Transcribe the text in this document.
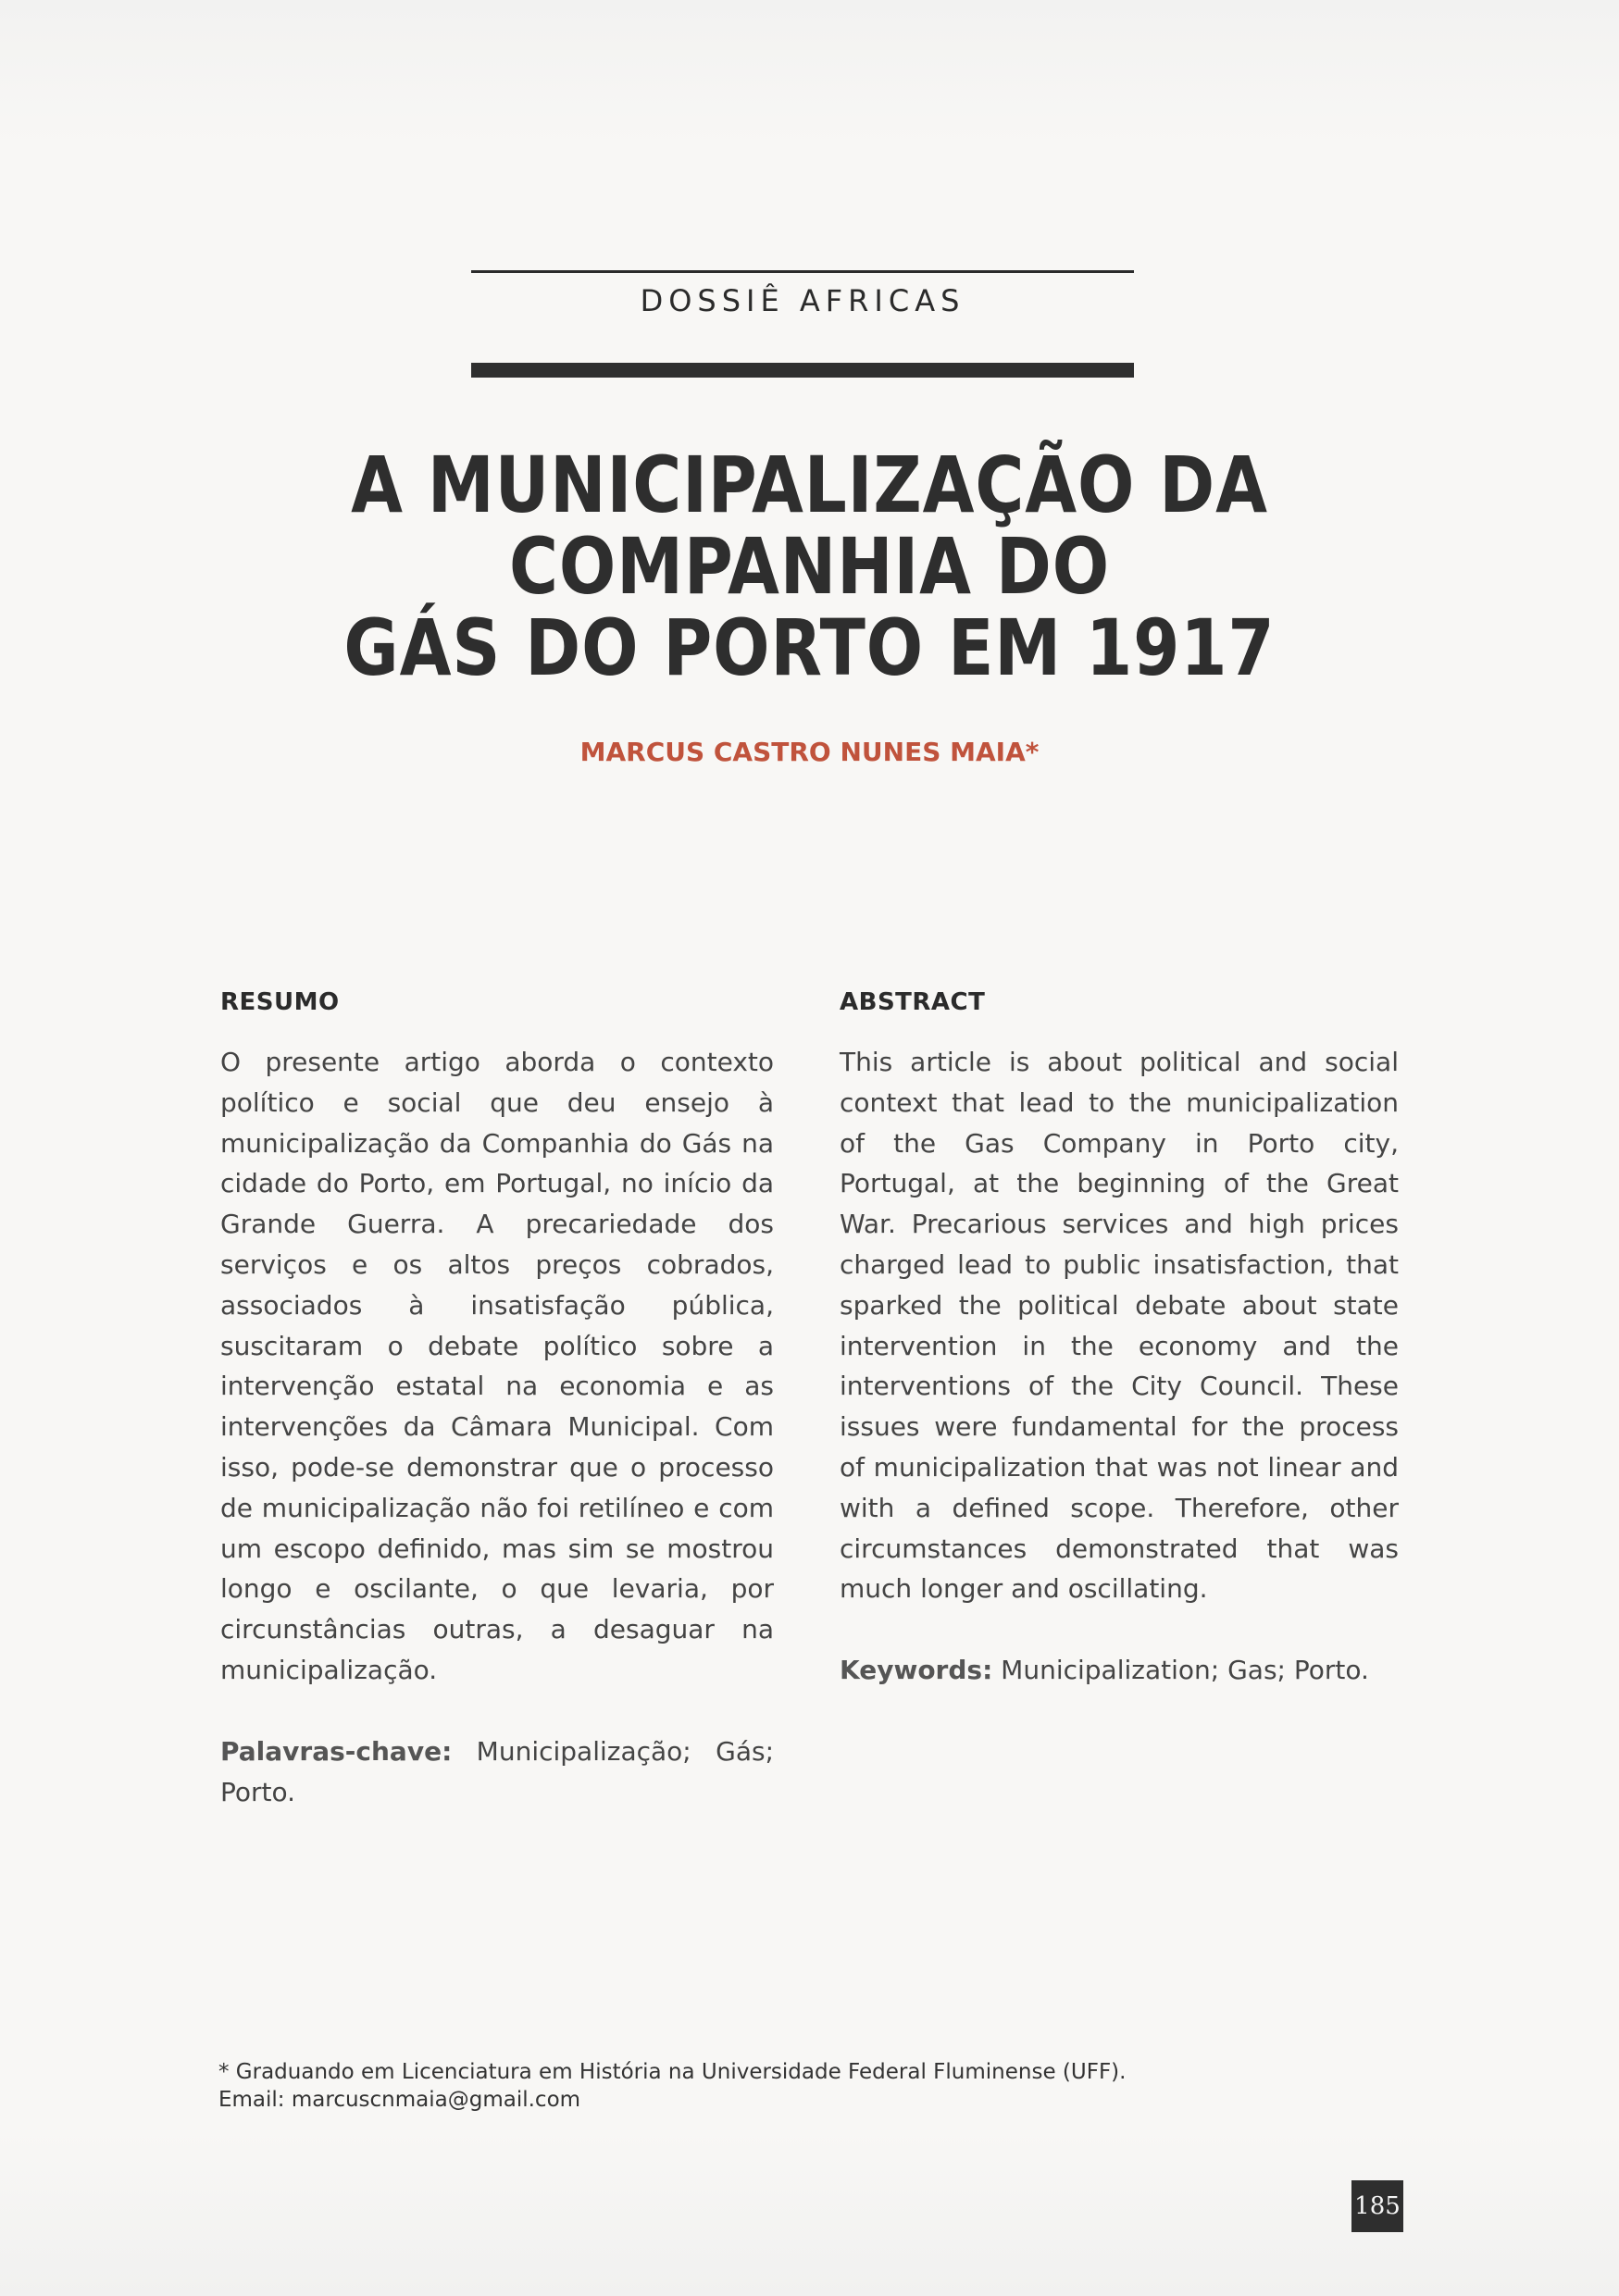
DOSSIÊ AFRICAS
A MUNICIPALIZAÇÃO DA COMPANHIA DO
GÁS DO PORTO EM 1917
MARCUS CASTRO NUNES MAIA*
RESUMO

O presente artigo aborda o contexto político e social que deu ensejo à municipalização da Companhia do Gás na cidade do Porto, em Portugal, no início da Grande Guerra. A precariedade dos serviços e os altos preços cobrados, associados à insatisfação pública, suscitaram o debate político sobre a intervenção estatal na economia e as intervenções da Câmara Municipal. Com isso, pode-se demonstrar que o processo de municipalização não foi retilíneo e com um escopo definido, mas sim se mostrou longo e oscilante, o que levaria, por circunstâncias outras, a desaguar na municipalização.

Palavras-chave: Municipalização; Gás; Porto.

ABSTRACT

This article is about political and social context that lead to the municipalization of the Gas Company in Porto city, Portugal, at the beginning of the Great War. Precarious services and high prices charged lead to public insatisfaction, that sparked the political debate about state intervention in the economy and the interventions of the City Council. These issues were fundamental for the process of municipalization that was not linear and with a defined scope. Therefore, other circumstances demonstrated that was much longer and oscillating.

Keywords: Municipalization; Gas; Porto.

* Graduando em Licenciatura em História na Universidade Federal Fluminense (UFF).

Email: marcuscnmaia@gmail.com

185
